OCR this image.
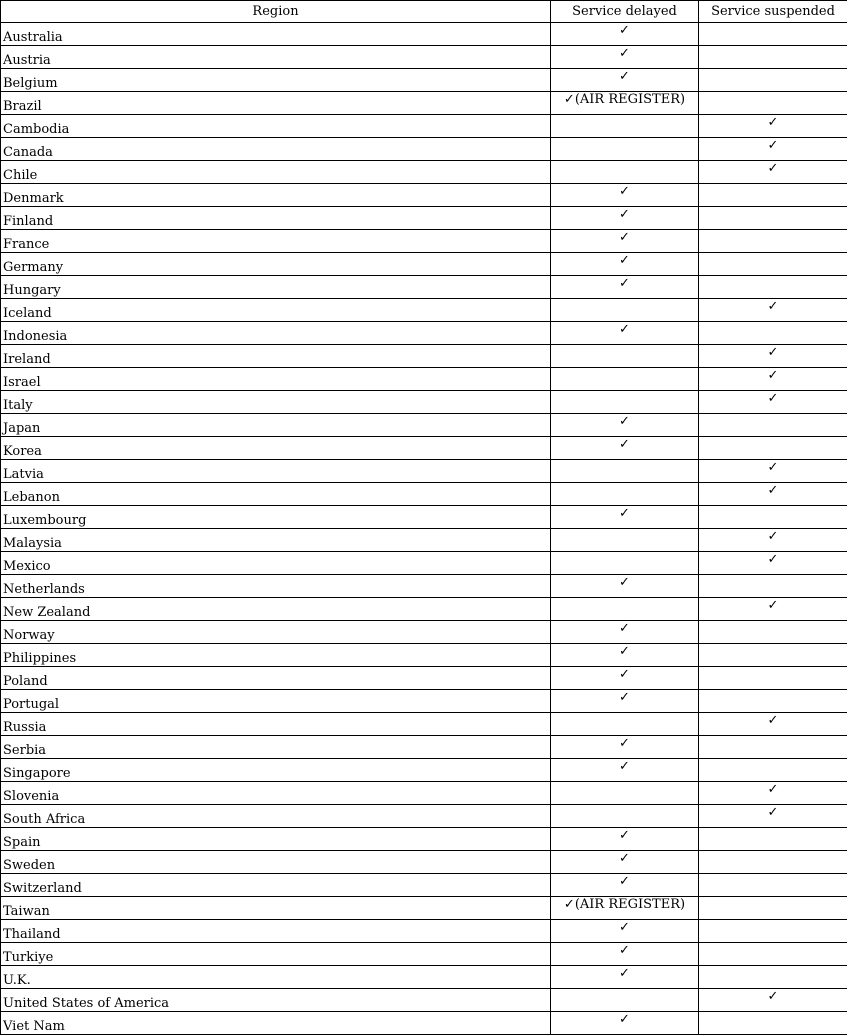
Region	Service delayed	Service suspended
Australia	✓	
Austria	✓	
Belgium	✓	
Brazil	✓(AIR REGISTER)	
Cambodia		✓
Canada		✓
Chile		✓
Denmark	✓	
Finland	✓	
France	✓	
Germany	✓	
Hungary	✓	
Iceland		✓
Indonesia	✓	
Ireland		✓
Israel		✓
Italy		✓
Japan	✓	
Korea	✓	
Latvia		✓
Lebanon		✓
Luxembourg	✓	
Malaysia		✓
Mexico		✓
Netherlands	✓	
New Zealand		✓
Norway	✓	
Philippines	✓	
Poland	✓	
Portugal	✓	
Russia		✓
Serbia	✓	
Singapore	✓	
Slovenia		✓
South Africa		✓
Spain	✓	
Sweden	✓	
Switzerland	✓	
Taiwan	✓(AIR REGISTER)	
Thailand	✓	
Turkiye	✓	
U.K.	✓	
United States of America		✓
Viet Nam	✓	
